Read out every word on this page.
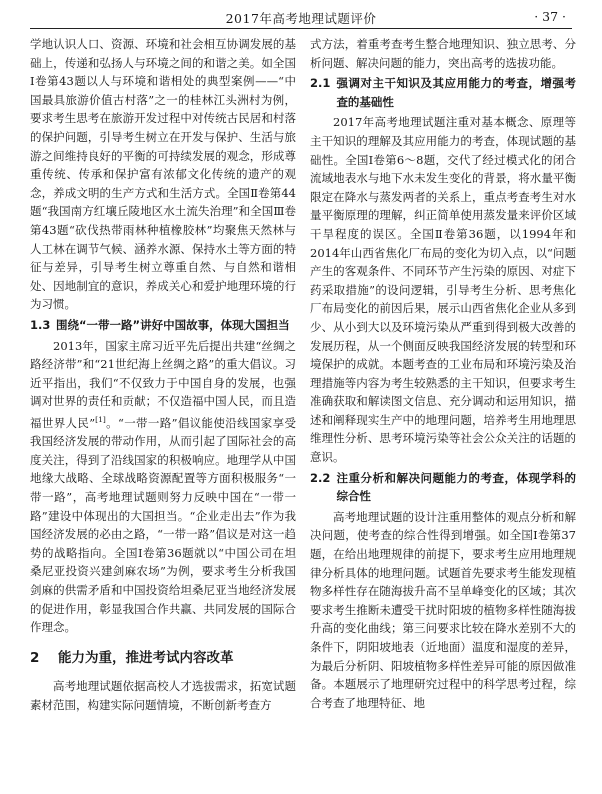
2017年高考地理试题评价	· 37 ·

学地认识人口、资源、环境和社会相互协调发展的基础上，传递和弘扬人与环境之间的和谐之美。如全国Ⅰ卷第43题以人与环境和谐相处的典型案例——“中国最具旅游价值古村落”之一的桂林江头洲村为例，要求考生思考在旅游开发过程中对传统古民居和村落的保护问题，引导考生树立在开发与保护、生活与旅游之间维持良好的平衡的可持续发展的观念，形成尊重传统、传承和保护富有浓郁文化传统的遗产的观念，养成文明的生产方式和生活方式。全国Ⅱ卷第44题“我国南方红壤丘陵地区水土流失治理”和全国Ⅲ卷第43题“砍伐热带雨林种植橡胶林”均聚焦天然林与人工林在调节气候、涵养水源、保持水土等方面的特征与差异，引导考生树立尊重自然、与自然和谐相处、因地制宜的意识，养成关心和爱护地理环境的行为习惯。

1.3 围绕“一带一路”讲好中国故事，体现大国担当

2013年，国家主席习近平先后提出共建“丝绸之路经济带”和“21世纪海上丝绸之路”的重大倡议。习近平指出，我们“不仅致力于中国自身的发展，也强调对世界的责任和贡献；不仅造福中国人民，而且造福世界人民”[1]。“一带一路”倡议能使沿线国家享受我国经济发展的带动作用，从而引起了国际社会的高度关注，得到了沿线国家的积极响应。地理学从中国地缘大战略、全球战略资源配置等方面积极服务“一带一路”，高考地理试题则努力反映中国在“一带一路”建设中体现出的大国担当。“企业走出去”作为我国经济发展的必由之路，“一带一路”倡议是对这一趋势的战略指向。全国Ⅰ卷第36题就以“中国公司在坦桑尼亚投资兴建剑麻农场”为例，要求考生分析我国剑麻的供需矛盾和中国投资给坦桑尼亚当地经济发展的促进作用，彰显我国合作共赢、共同发展的国际合作理念。

2 能力为重，推进考试内容改革

高考地理试题依据高校人才选拔需求，拓宽试题素材范围，构建实际问题情境，不断创新考查方

式方法，着重考查考生整合地理知识、独立思考、分析问题、解决问题的能力，突出高考的选拔功能。

2.1 强调对主干知识及其应用能力的考查，增强考查的基础性

2017年高考地理试题注重对基本概念、原理等主干知识的理解及其应用能力的考查，体现试题的基础性。全国Ⅰ卷第6～8题，交代了经过模式化的闭合流域地表水与地下水未发生变化的背景，将水量平衡限定在降水与蒸发两者的关系上，重点考查考生对水量平衡原理的理解，纠正简单使用蒸发量来评价区域干旱程度的误区。全国Ⅱ卷第36题，以1994年和2014年山西省焦化厂布局的变化为切入点，以“问题产生的客观条件、不同环节产生污染的原因、对症下药采取措施”的设问逻辑，引导考生分析、思考焦化厂布局变化的前因后果，展示山西省焦化企业从多到少、从小到大以及环境污染从严重到得到极大改善的发展历程，从一个侧面反映我国经济发展的转型和环境保护的成就。本题考查的工业布局和环境污染及治理措施等内容为考生较熟悉的主干知识，但要求考生准确获取和解读图文信息、充分调动和运用知识，描述和阐释现实生产中的地理问题，培养考生用地理思维理性分析、思考环境污染等社会公众关注的话题的意识。

2.2 注重分析和解决问题能力的考查，体现学科的综合性

高考地理试题的设计注重用整体的观点分析和解决问题，使考查的综合性得到增强。如全国Ⅰ卷第37题，在给出地理规律的前提下，要求考生应用地理规律分析具体的地理问题。试题首先要求考生能发现植物多样性存在随海拔升高不呈单峰变化的区域；其次要求考生推断未遭受干扰时阳坡的植物多样性随海拔升高的变化曲线；第三问要求比较在降水差别不大的条件下，阴阳坡地表（近地面）温度和湿度的差异，为最后分析阴、阳坡植物多样性差异可能的原因做准备。本题展示了地理研究过程中的科学思考过程，综合考查了地理特征、地
